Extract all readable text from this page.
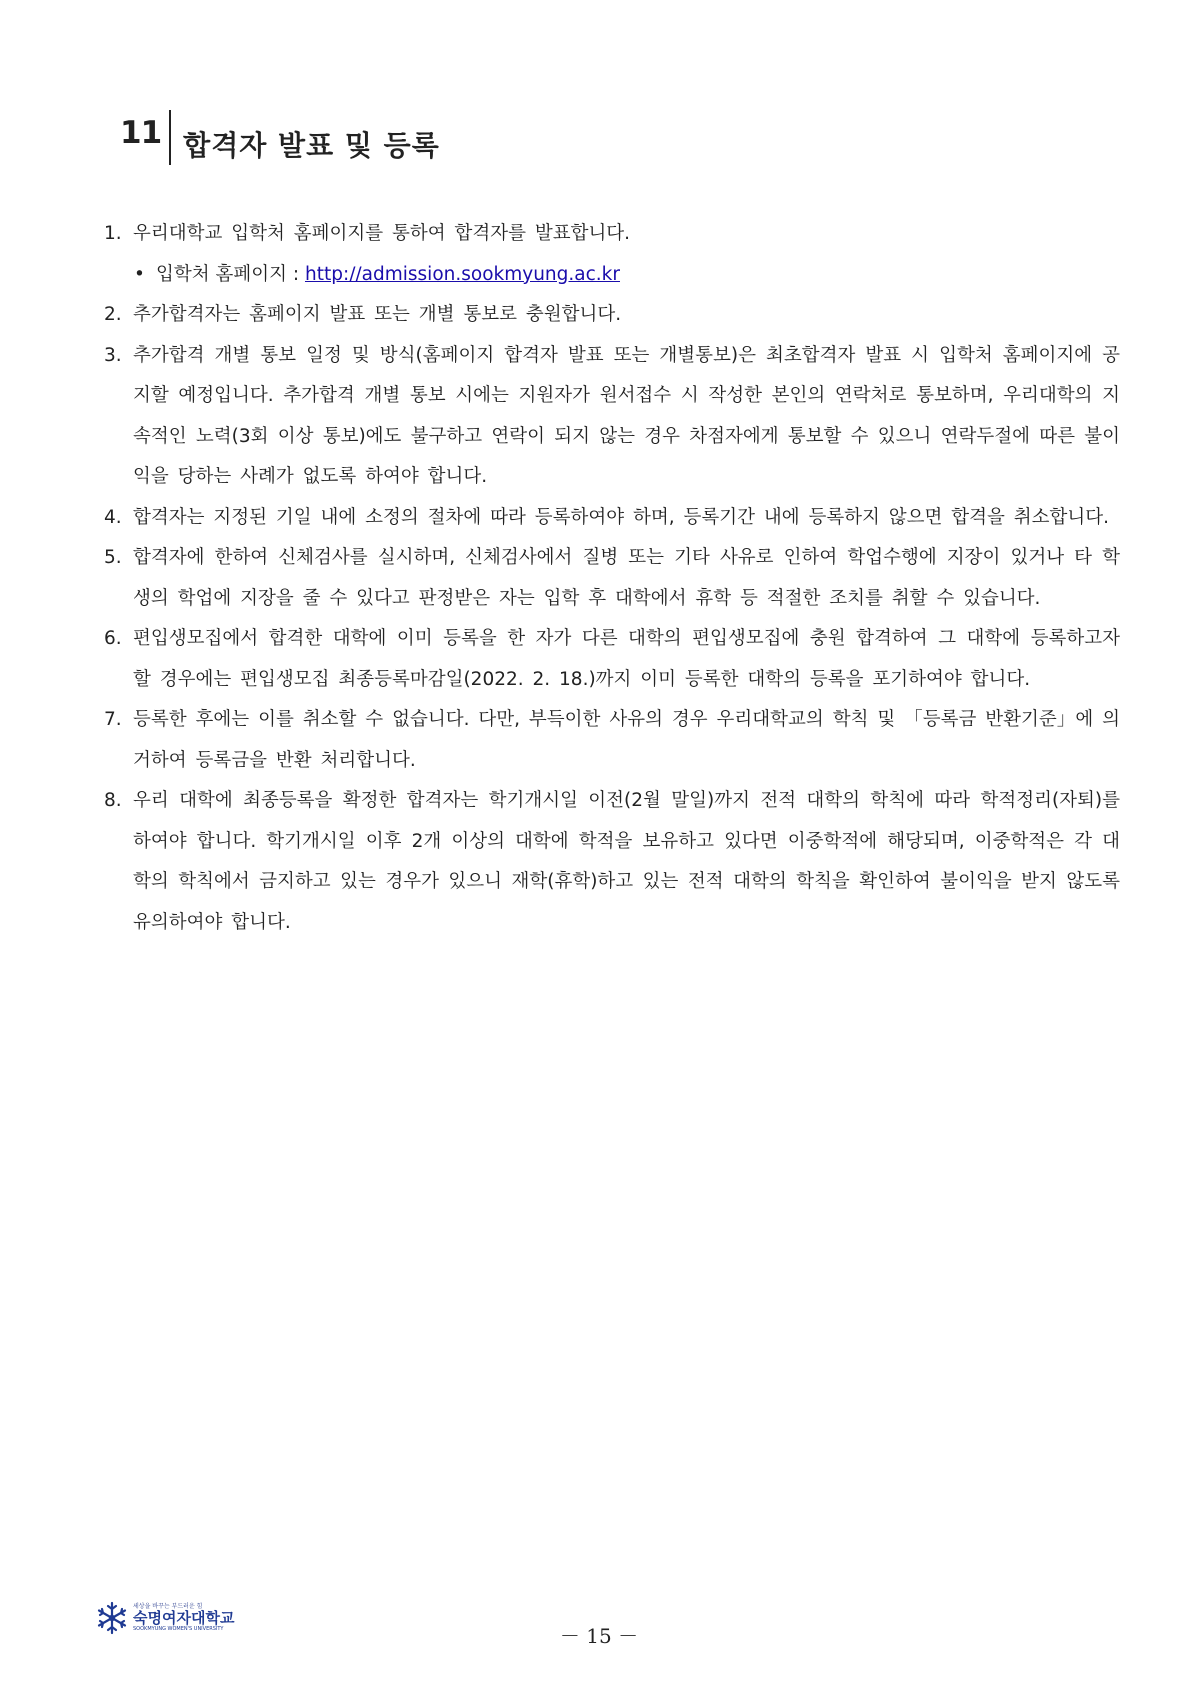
11 합격자 발표 및 등록
1. 우리대학교 입학처 홈페이지를 통하여 합격자를 발표합니다.
• 입학처 홈페이지 :
http://admission.sookmyung.ac.kr
2. 추가합격자는 홈페이지 발표 또는 개별 통보로 충원합니다.
3. 추가합격 개별 통보 일정 및 방식(홈페이지 합격자 발표 또는 개별통보)은 최초합격자 발표 시 입학처 홈페이지에 공지할 예정입니다. 추가합격 개별 통보 시에는 지원자가 원서접수 시 작성한 본인의 연락처로 통보하며, 우리대학의 지속적인 노력(3회 이상 통보)에도 불구하고 연락이 되지 않는 경우 차점자에게 통보할 수 있으니 연락두절에 따른 불이익을 당하는 사례가 없도록 하여야 합니다.
4. 합격자는 지정된 기일 내에 소정의 절차에 따라 등록하여야 하며, 등록기간 내에 등록하지 않으면 합격을 취소합니다.
5. 합격자에 한하여 신체검사를 실시하며, 신체검사에서 질병 또는 기타 사유로 인하여 학업수행에 지장이 있거나 타 학생의 학업에 지장을 줄 수 있다고 판정받은 자는 입학 후 대학에서 휴학 등 적절한 조치를 취할 수 있습니다.
6. 편입생모집에서 합격한 대학에 이미 등록을 한 자가 다른 대학의 편입생모집에 충원 합격하여 그 대학에 등록하고자 할 경우에는 편입생모집 최종등록마감일(2022. 2. 18.)까지 이미 등록한 대학의 등록을 포기하여야 합니다.
7. 등록한 후에는 이를 취소할 수 없습니다. 다만, 부득이한 사유의 경우 우리대학교의 학칙 및 「등록금 반환기준」에 의거하여 등록금을 반환 처리합니다.
8. 우리 대학에 최종등록을 확정한 합격자는 학기개시일 이전(2월 말일)까지 전적 대학의 학칙에 따라 학적정리(자퇴)를 하여야 합니다. 학기개시일 이후 2개 이상의 대학에 학적을 보유하고 있다면 이중학적에 해당되며, 이중학적은 각 대학의 학칙에서 금지하고 있는 경우가 있으니 재학(휴학)하고 있는 전적 대학의 학칙을 확인하여 불이익을 받지 않도록 유의하여야 합니다.
세상을 바꾸는 부드러운 힘
숙명여자대학교
SOOKMYUNG WOMEN'S UNIVERSITY	－ 15 －
